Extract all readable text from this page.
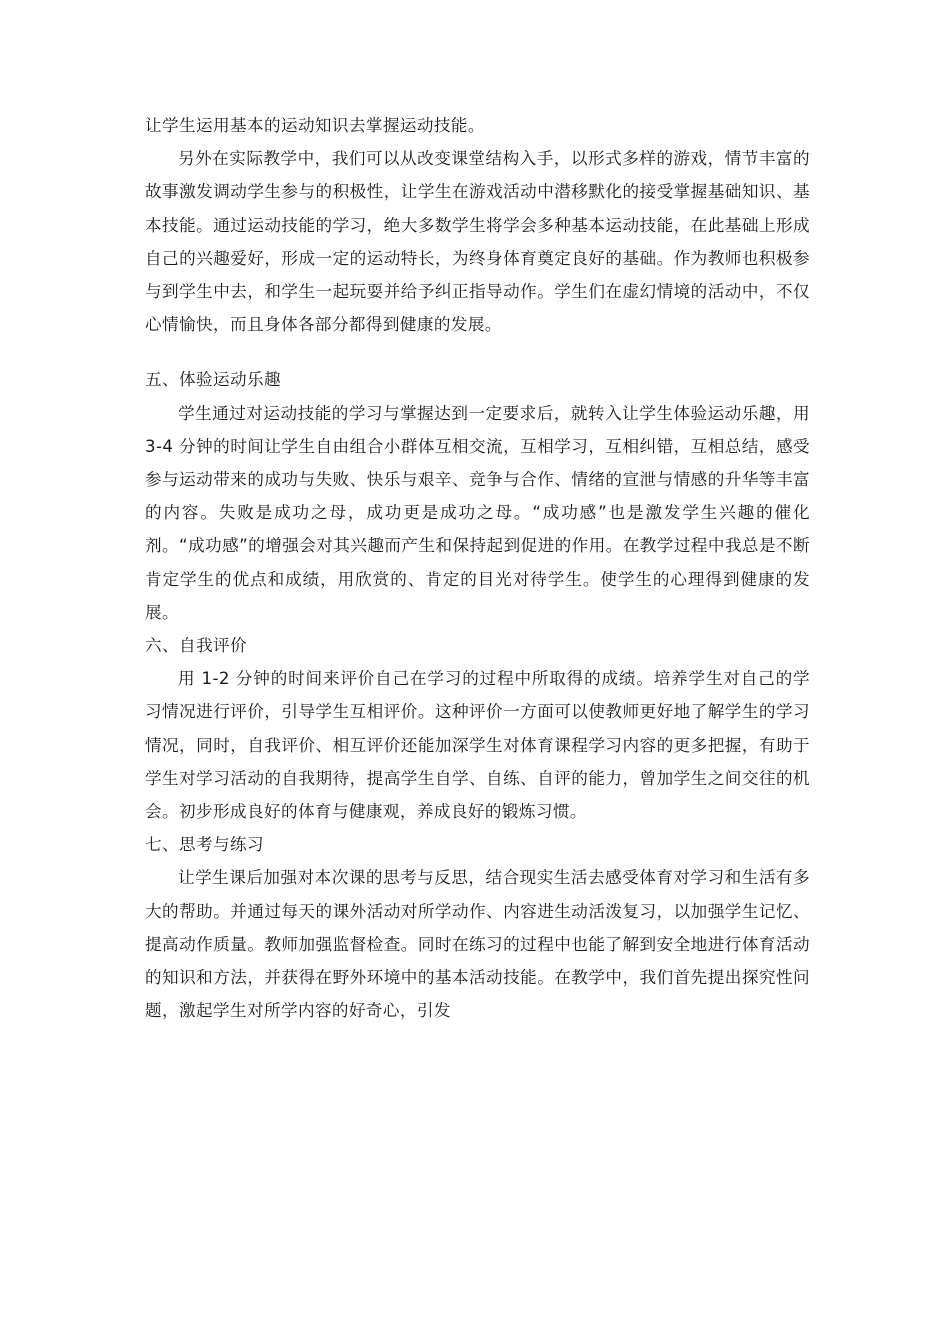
让学生运用基本的运动知识去掌握运动技能。

另外在实际教学中，我们可以从改变课堂结构入手，以形式多样的游戏，情节丰富的故事激发调动学生参与的积极性，让学生在游戏活动中潜移默化的接受掌握基础知识、基本技能。通过运动技能的学习，绝大多数学生将学会多种基本运动技能，在此基础上形成自己的兴趣爱好，形成一定的运动特长，为终身体育奠定良好的基础。作为教师也积极参与到学生中去，和学生一起玩耍并给予纠正指导动作。学生们在虚幻情境的活动中，不仅心情愉快，而且身体各部分都得到健康的发展。

五、体验运动乐趣

学生通过对运动技能的学习与掌握达到一定要求后，就转入让学生体验运动乐趣，用 3-4 分钟的时间让学生自由组合小群体互相交流，互相学习，互相纠错，互相总结，感受参与运动带来的成功与失败、快乐与艰辛、竞争与合作、情绪的宣泄与情感的升华等丰富的内容。失败是成功之母，成功更是成功之母。“成功感”也是激发学生兴趣的催化剂。“成功感”的增强会对其兴趣而产生和保持起到促进的作用。在教学过程中我总是不断肯定学生的优点和成绩，用欣赏的、肯定的目光对待学生。使学生的心理得到健康的发展。

六、自我评价

用 1-2 分钟的时间来评价自己在学习的过程中所取得的成绩。培养学生对自己的学习情况进行评价，引导学生互相评价。这种评价一方面可以使教师更好地了解学生的学习情况，同时，自我评价、相互评价还能加深学生对体育课程学习内容的更多把握，有助于学生对学习活动的自我期待，提高学生自学、自练、自评的能力，曾加学生之间交往的机会。初步形成良好的体育与健康观，养成良好的锻炼习惯。

七、思考与练习

让学生课后加强对本次课的思考与反思，结合现实生活去感受体育对学习和生活有多大的帮助。并通过每天的课外活动对所学动作、内容进生动活泼复习，以加强学生记忆、提高动作质量。教师加强监督检查。同时在练习的过程中也能了解到安全地进行体育活动的知识和方法，并获得在野外环境中的基本活动技能。在教学中，我们首先提出探究性问题，激起学生对所学内容的好奇心，引发
